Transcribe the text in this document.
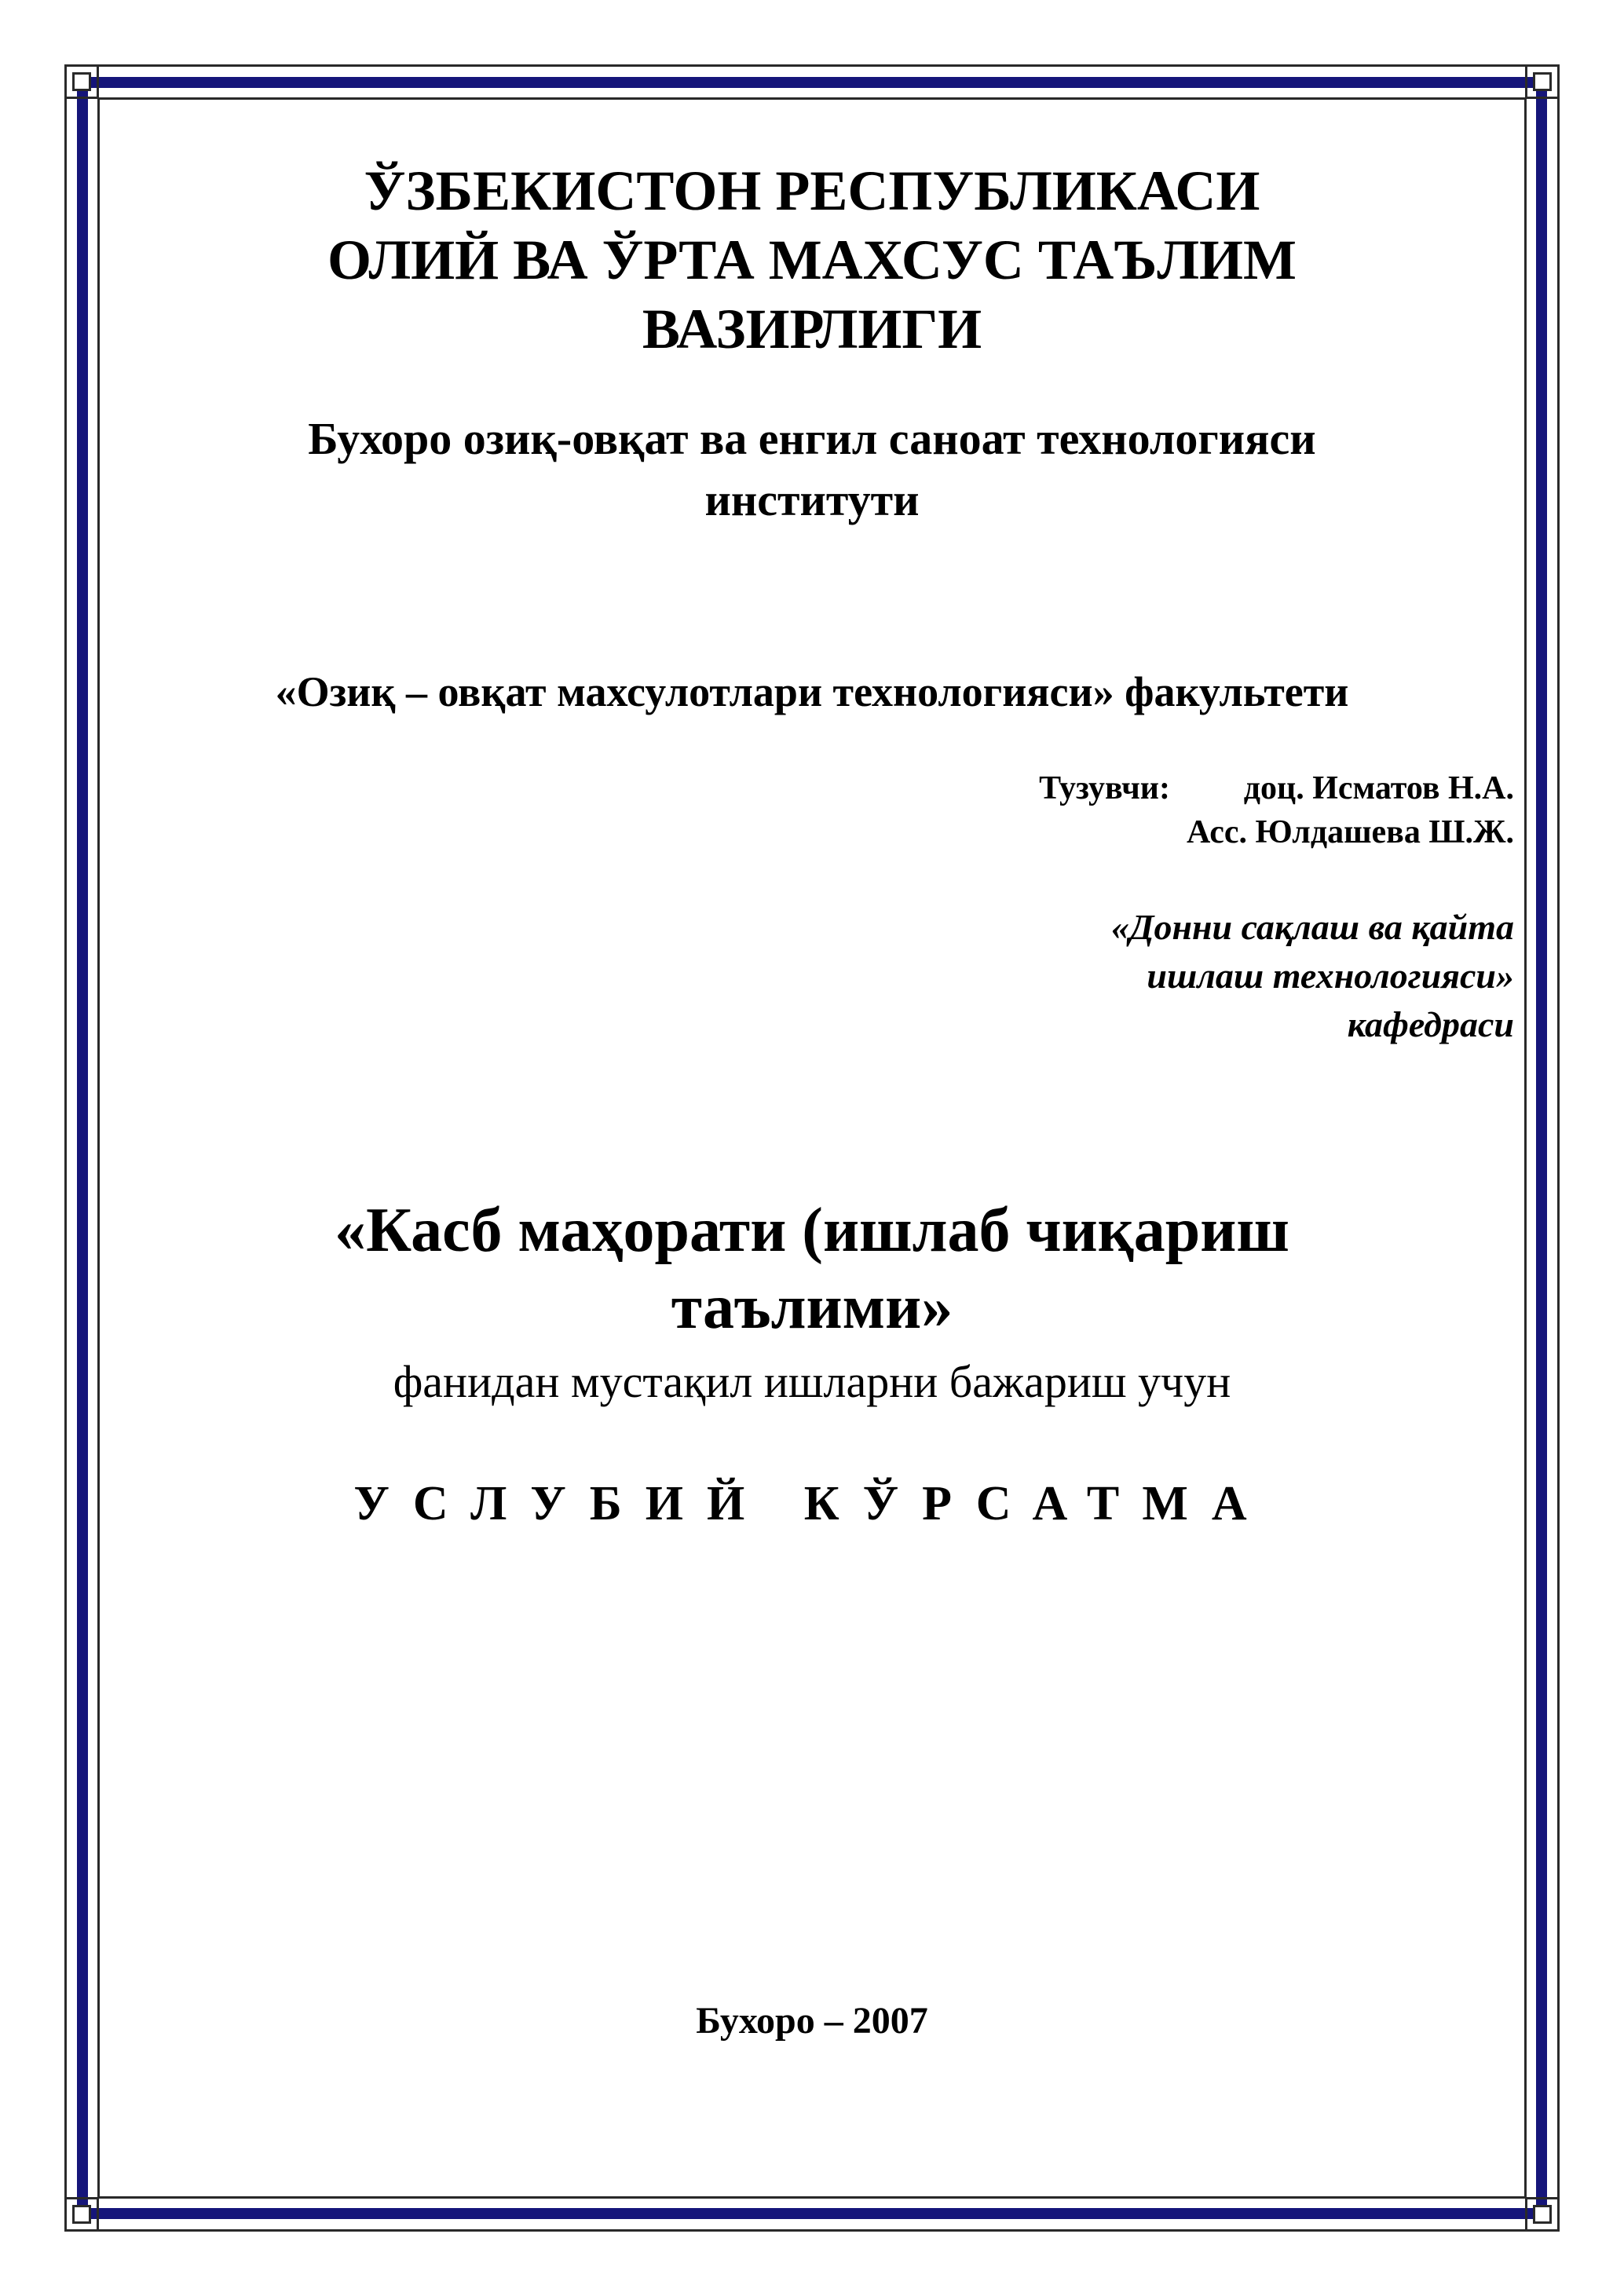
ЎЗБЕКИСТОН РЕСПУБЛИКАСИ
ОЛИЙ ВА ЎРТА МАХСУС ТАЪЛИМ
ВАЗИРЛИГИ
Бухоро озиқ-овқат ва енгил саноат технологияси
институти
«Озиқ – овқат махсулотлари технологияси» факультети
Тузувчи: доц. Исматов Н.А.
Асс. Юлдашева Ш.Ж.
«Донни сақлаш ва қайта
ишлаш технологияси»
кафедраси
«Касб маҳорати (ишлаб чиқариш
таълими»
фанидан мустақил ишларни бажариш учун
УСЛУБИЙ КЎРСАТМА
Бухоро – 2007
